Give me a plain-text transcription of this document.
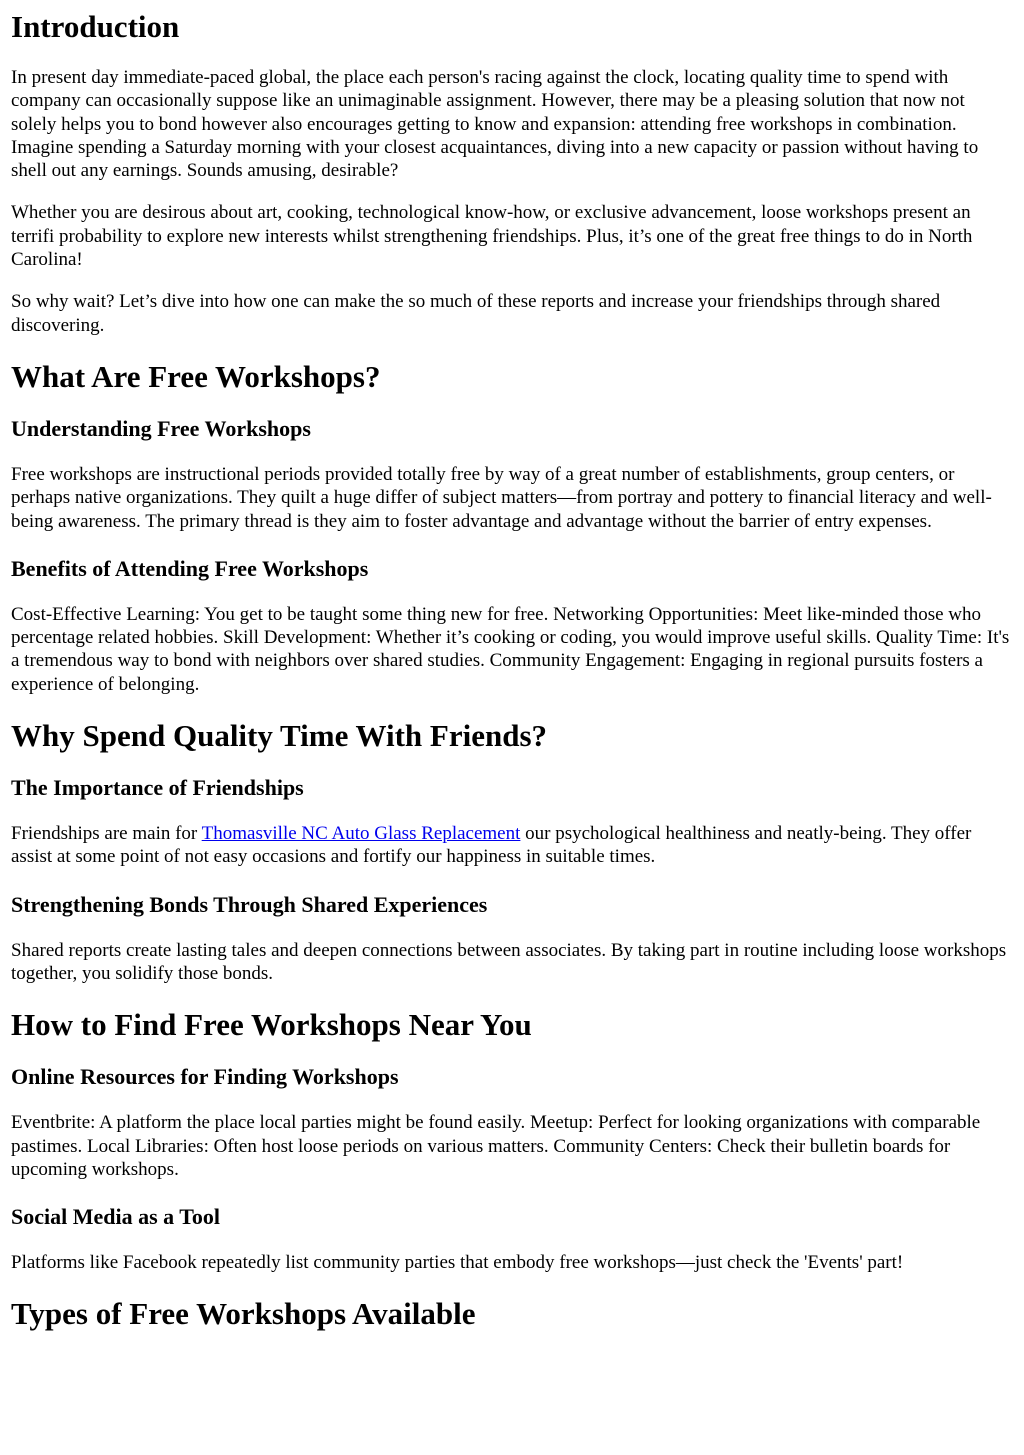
Introduction

In present day immediate-paced global, the place each person's racing against the clock, locating quality time to spend with company can occasionally suppose like an unimaginable assignment. However, there may be a pleasing solution that now not solely helps you to bond however also encourages getting to know and expansion: attending free workshops in combination. Imagine spending a Saturday morning with your closest acquaintances, diving into a new capacity or passion without having to shell out any earnings. Sounds amusing, desirable?

Whether you are desirous about art, cooking, technological know-how, or exclusive advancement, loose workshops present an terrifi probability to explore new interests whilst strengthening friendships. Plus, it’s one of the great free things to do in North Carolina!

So why wait? Let’s dive into how one can make the so much of these reports and increase your friendships through shared discovering.

What Are Free Workshops?
Understanding Free Workshops

Free workshops are instructional periods provided totally free by way of a great number of establishments, group centers, or perhaps native organizations. They quilt a huge differ of subject matters—from portray and pottery to financial literacy and well-being awareness. The primary thread is they aim to foster advantage and advantage without the barrier of entry expenses.

Benefits of Attending Free Workshops

Cost-Effective Learning: You get to be taught some thing new for free. Networking Opportunities: Meet like-minded those who percentage related hobbies. Skill Development: Whether it’s cooking or coding, you would improve useful skills. Quality Time: It's a tremendous way to bond with neighbors over shared studies. Community Engagement: Engaging in regional pursuits fosters a experience of belonging.

Why Spend Quality Time With Friends?
The Importance of Friendships

Friendships are main for Thomasville NC Auto Glass Replacement our psychological healthiness and neatly-being. They offer assist at some point of not easy occasions and fortify our happiness in suitable times.

Strengthening Bonds Through Shared Experiences

Shared reports create lasting tales and deepen connections between associates. By taking part in routine including loose workshops together, you solidify those bonds.

How to Find Free Workshops Near You
Online Resources for Finding Workshops

Eventbrite: A platform the place local parties might be found easily. Meetup: Perfect for looking organizations with comparable pastimes. Local Libraries: Often host loose periods on various matters. Community Centers: Check their bulletin boards for upcoming workshops.

Social Media as a Tool

Platforms like Facebook repeatedly list community parties that embody free workshops—just check the 'Events' part!

Types of Free Workshops Available
